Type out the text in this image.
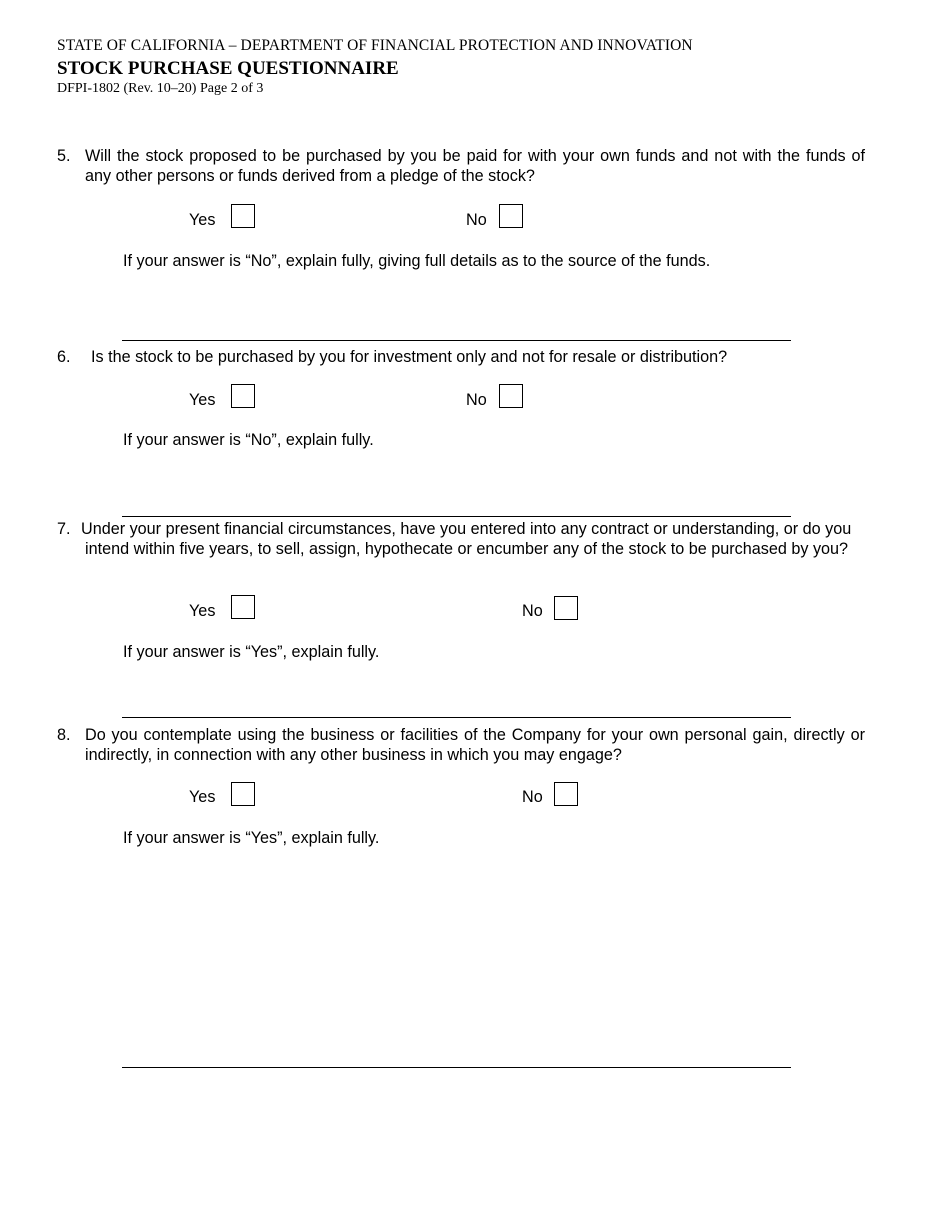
STATE OF CALIFORNIA – DEPARTMENT OF FINANCIAL PROTECTION AND INNOVATION
STOCK PURCHASE QUESTIONNAIRE
DFPI-1802 (Rev. 10–20) Page 2 of 3
5. Will the stock proposed to be purchased by you be paid for with your own funds and not with the funds of any other persons or funds derived from a pledge of the stock?
Yes	No
If your answer is “No”, explain fully, giving full details as to the source of the funds.
6.	Is the stock to be purchased by you for investment only and not for resale or distribution?
Yes	No
If your answer is “No”, explain fully.
7. Under your present financial circumstances, have you entered into any contract or understanding, or do you intend within five years, to sell, assign, hypothecate or encumber any of the stock to be purchased by you?
Yes	No
If your answer is “Yes”, explain fully.
8. Do you contemplate using the business or facilities of the Company for your own personal gain, directly or indirectly, in connection with any other business in which you may engage?
Yes	No
If your answer is “Yes”, explain fully.
